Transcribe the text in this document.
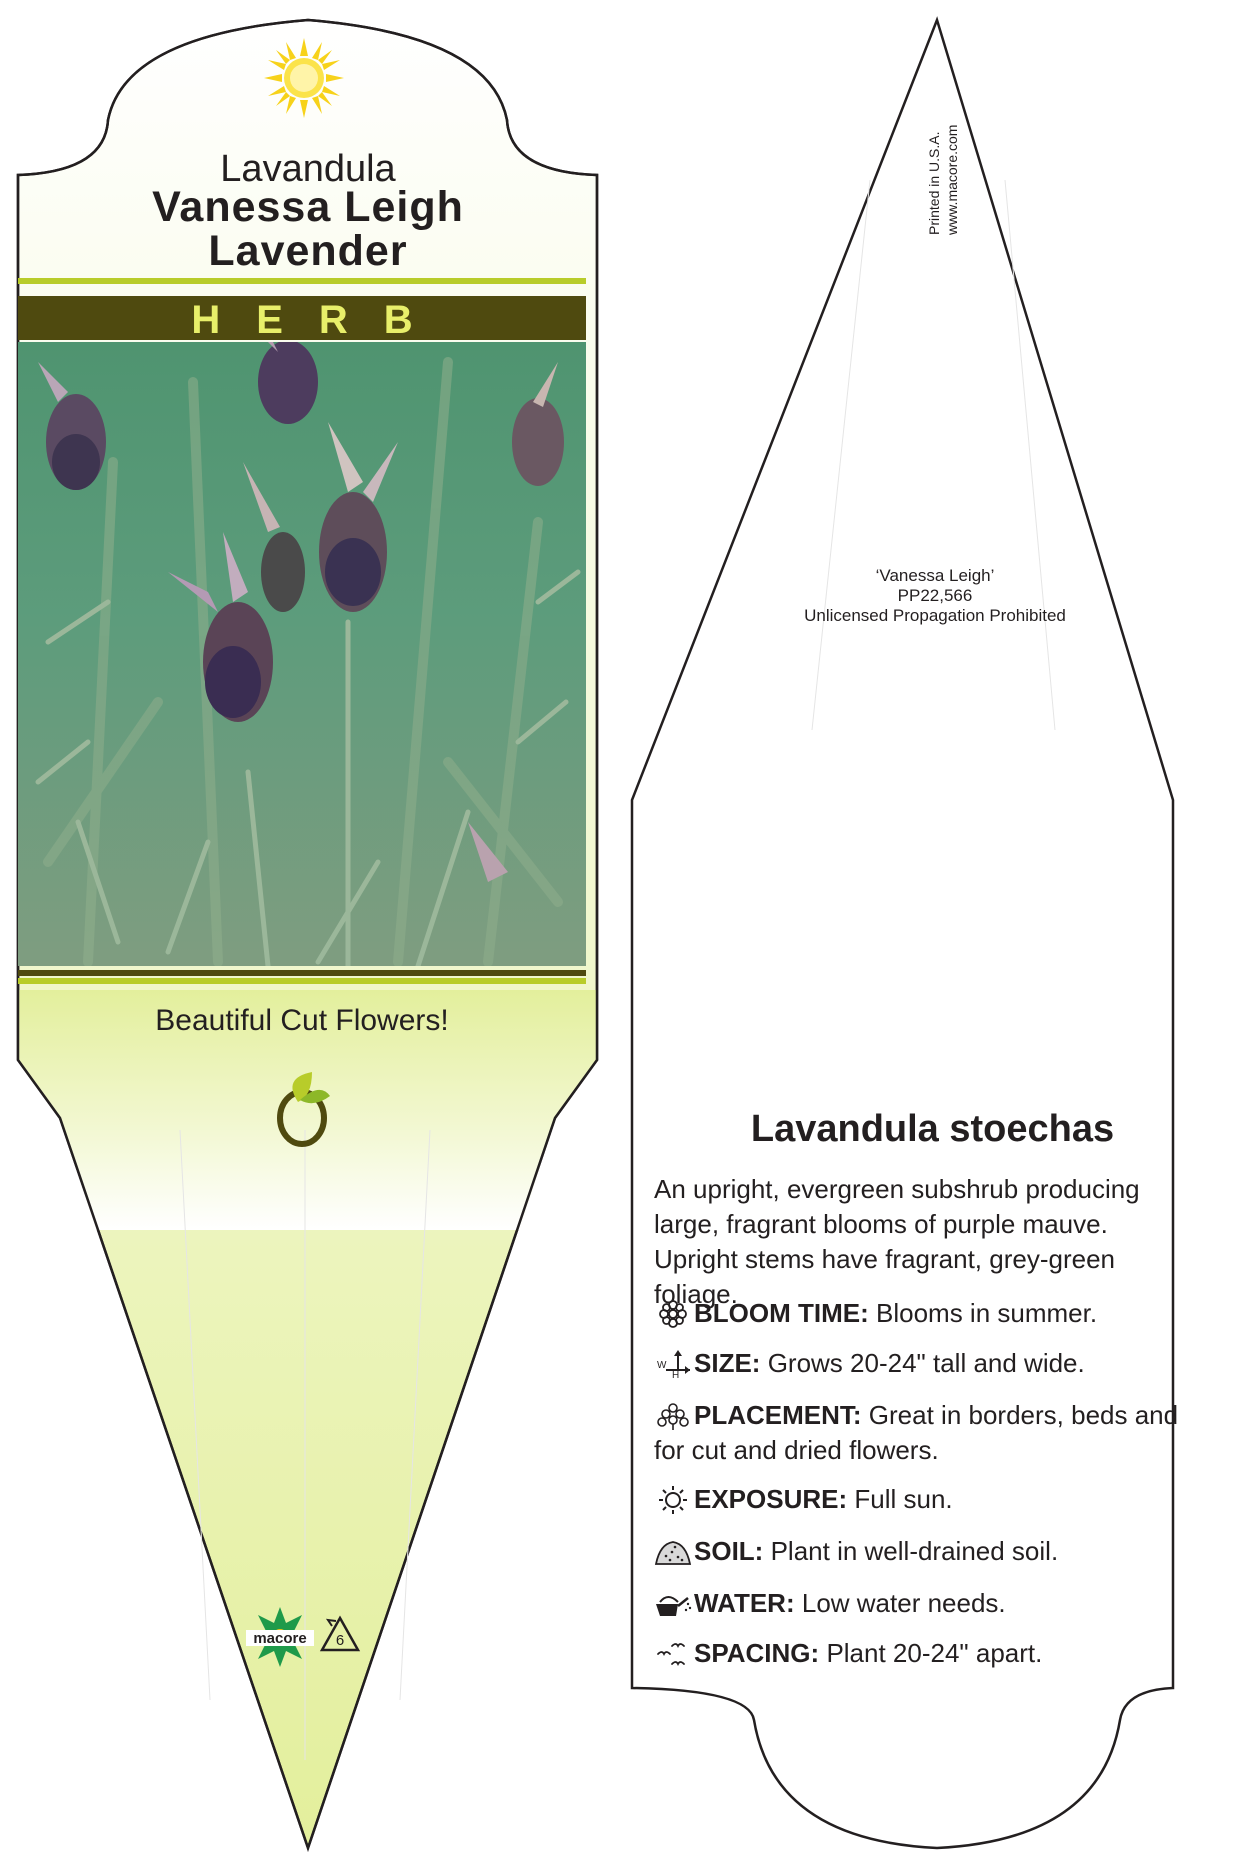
Lavandula
Vanessa Leigh
Lavender
HERB
Beautiful Cut Flowers!
macore 6
Printed in U.S.A. www.macore.com
‘Vanessa Leigh’
PP22,566
Unlicensed Propagation Prohibited
Lavandula stoechas
An upright, evergreen subshrub producing large, fragrant blooms of purple mauve. Upright stems have fragrant, grey-green foliage.
BLOOM TIME: Blooms in summer.
W
H SIZE: Grows 20-24" tall and wide.
PLACEMENT: Great in borders, beds and for cut and dried flowers.
EXPOSURE: Full sun.
SOIL: Plant in well-drained soil.
WATER: Low water needs.
SPACING: Plant 20-24" apart.
